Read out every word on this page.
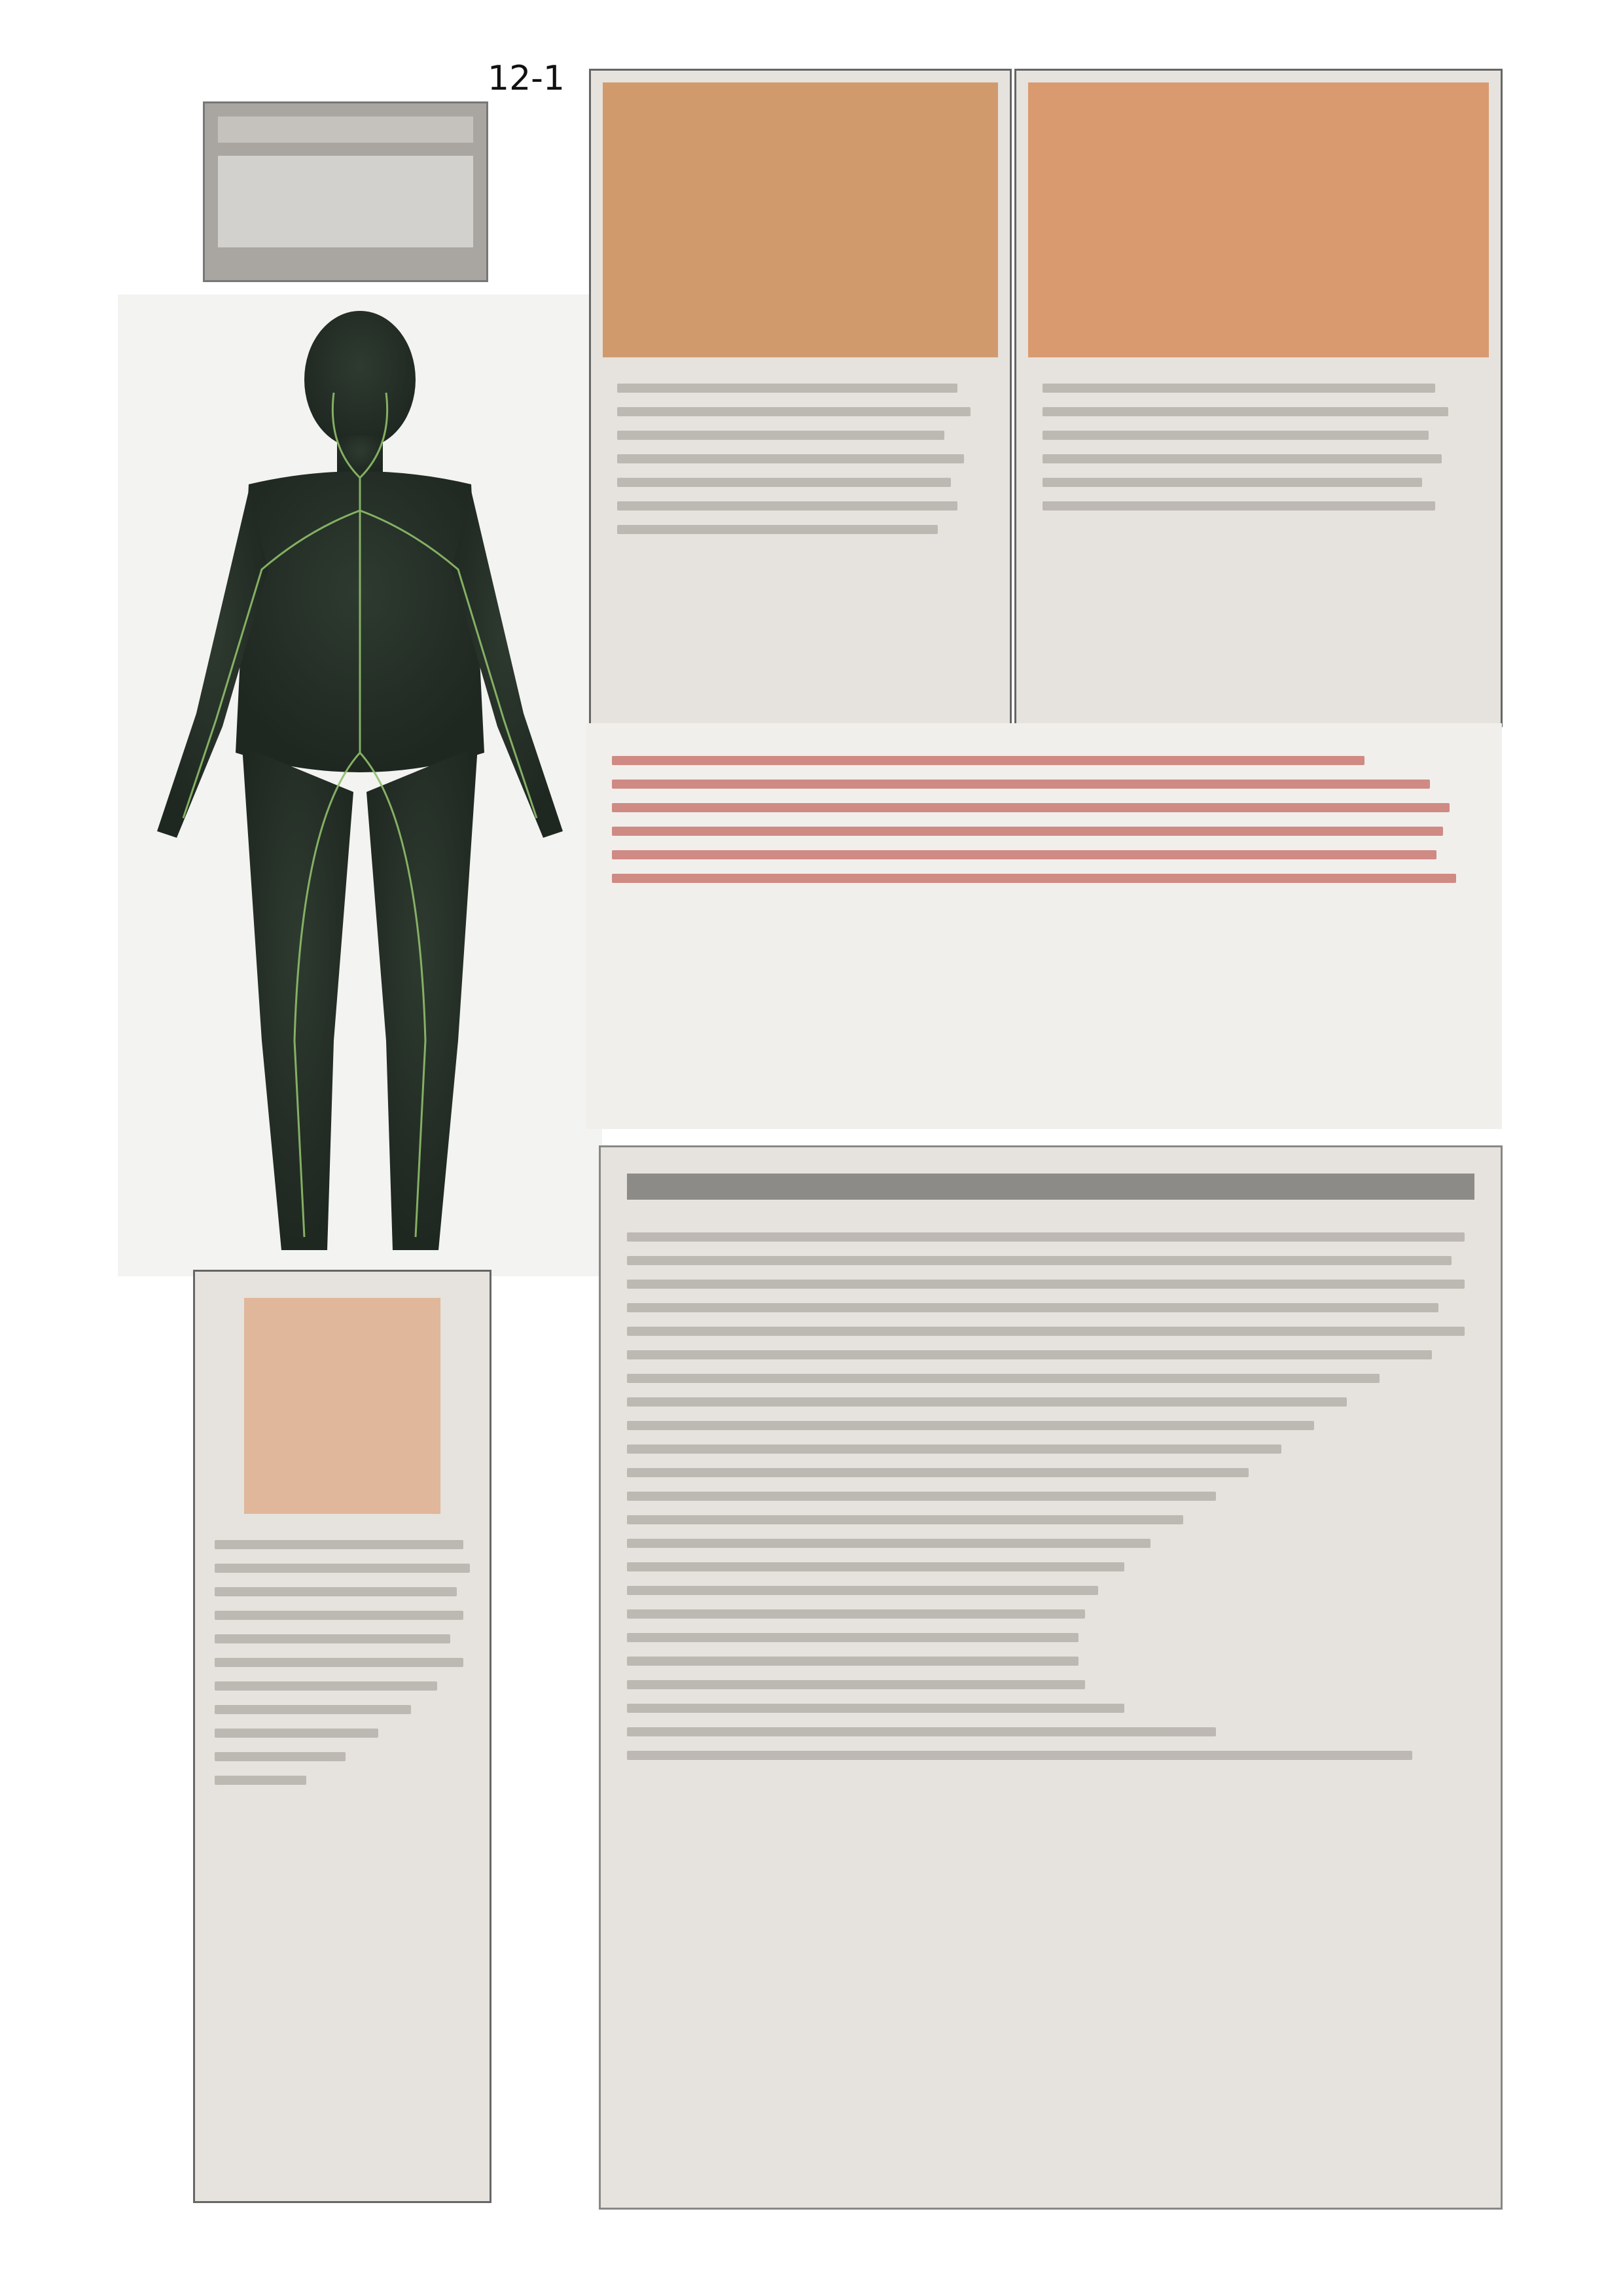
12-1
